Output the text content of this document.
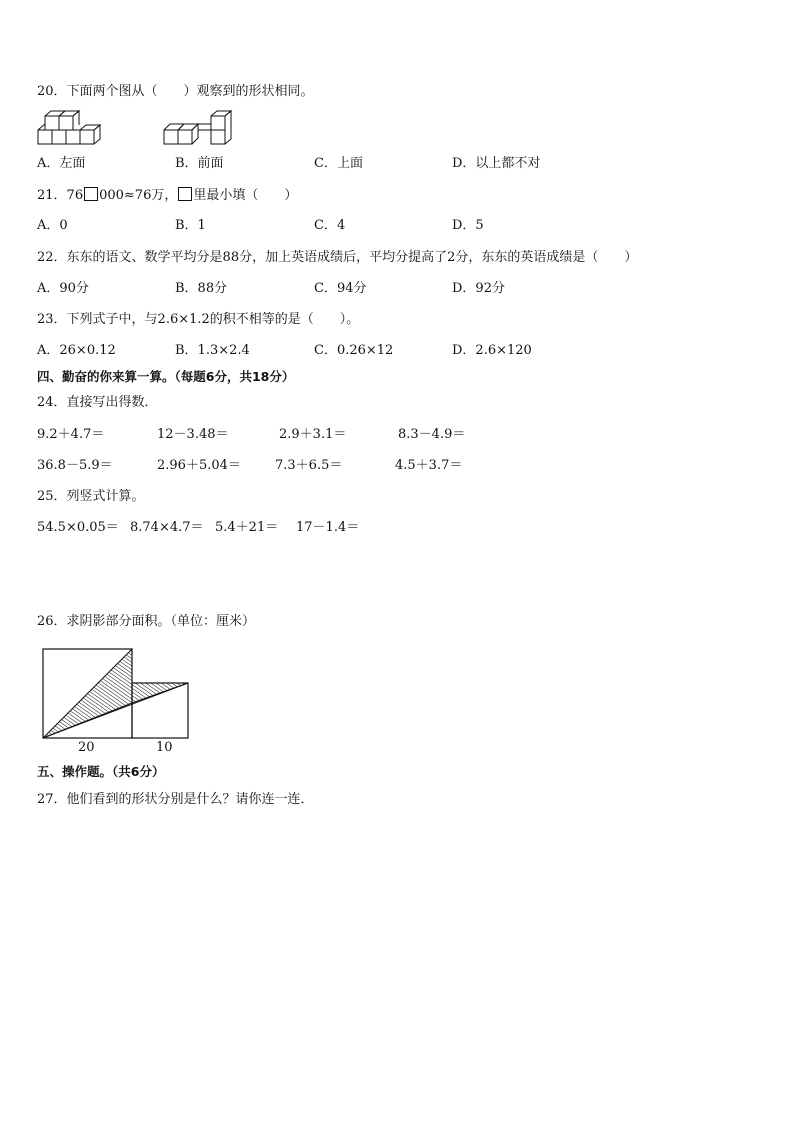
20．下面两个图从（　　）观察到的形状相同。
A．左面	B．前面	C．上面	D．以上都不对
21．76 000≈76万， 里最小填（　　）
A．0	B．1	C．4	D．5
22．东东的语文、数学平均分是88分，加上英语成绩后，平均分提高了2分，东东的英语成绩是（　　）
A．90分	B．88分	C．94分	D．92分
23．下列式子中，与2.6×1.2的积不相等的是（　　）。
A．26×0.12	B．1.3×2.4	C．0.26×12	D．2.6×120
四、勤奋的你来算一算。（每题6分，共18分）
24．直接写出得数．
9.2＋4.7＝	12－3.48＝	2.9＋3.1＝	8.3－4.9＝
36.8－5.9＝	2.96＋5.04＝	7.3＋6.5＝	4.5＋3.7＝
25．列竖式计算。
54.5×0.05＝ 8.74×4.7＝ 5.4＋21＝ 17－1.4＝
26．求阴影部分面积。（单位：厘米）
20	10
五、操作题。（共6分）
27．他们看到的形状分别是什么？请你连一连．
